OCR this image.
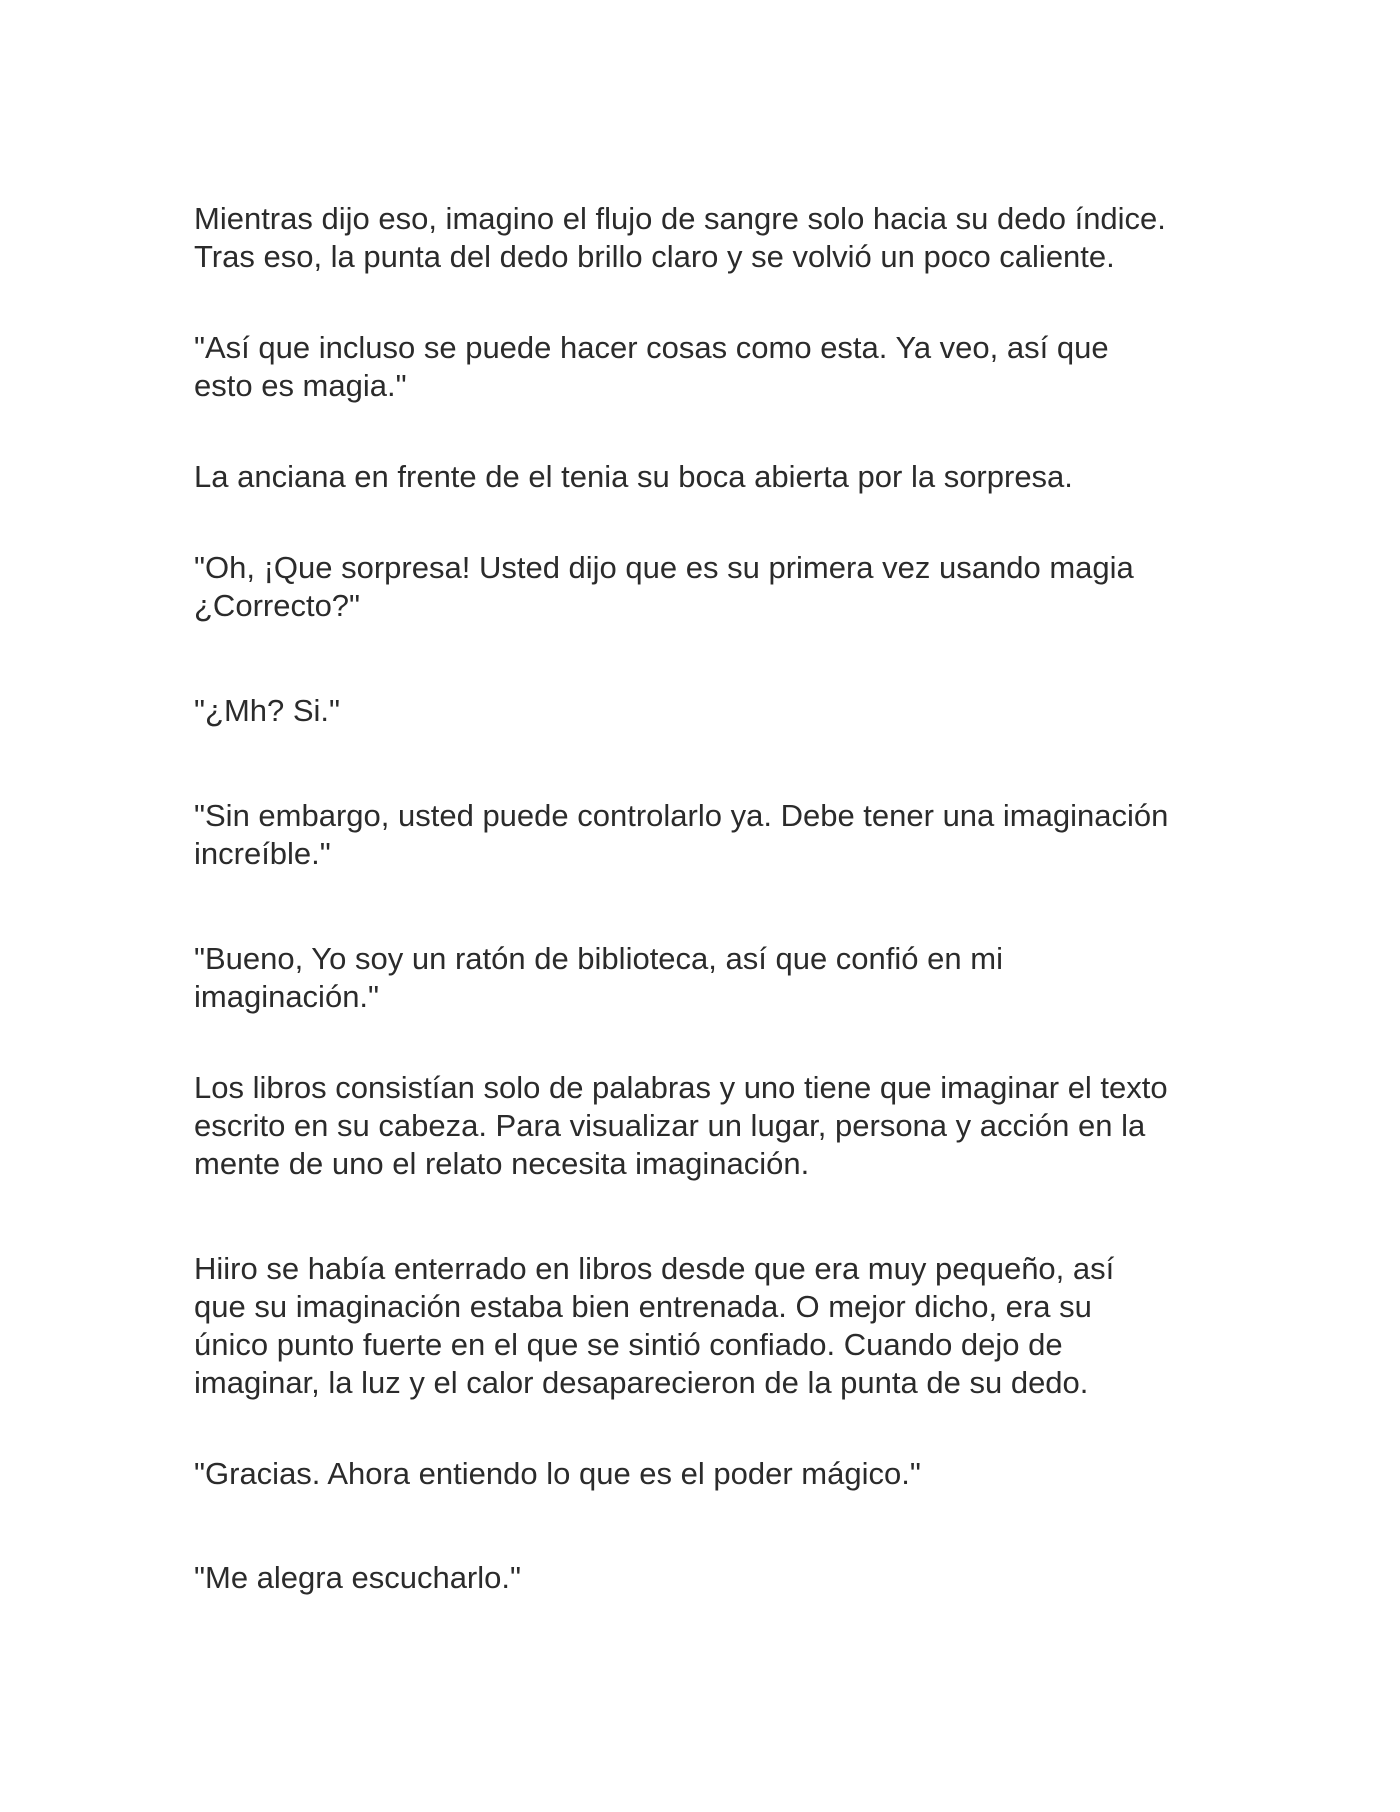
Mientras dijo eso, imagino el flujo de sangre solo hacia su dedo índice.
Tras eso, la punta del dedo brillo claro y se volvió un poco caliente.

"Así que incluso se puede hacer cosas como esta. Ya veo, así que
esto es magia."

La anciana en frente de el tenia su boca abierta por la sorpresa.

"Oh, ¡Que sorpresa! Usted dijo que es su primera vez usando magia
¿Correcto?"

"¿Mh? Si."

"Sin embargo, usted puede controlarlo ya. Debe tener una imaginación
increíble."

"Bueno, Yo soy un ratón de biblioteca, así que confió en mi
imaginación."

Los libros consistían solo de palabras y uno tiene que imaginar el texto
escrito en su cabeza. Para visualizar un lugar, persona y acción en la
mente de uno el relato necesita imaginación.

Hiiro se había enterrado en libros desde que era muy pequeño, así
que su imaginación estaba bien entrenada. O mejor dicho, era su
único punto fuerte en el que se sintió confiado. Cuando dejo de
imaginar, la luz y el calor desaparecieron de la punta de su dedo.

"Gracias. Ahora entiendo lo que es el poder mágico."

"Me alegra escucharlo."
